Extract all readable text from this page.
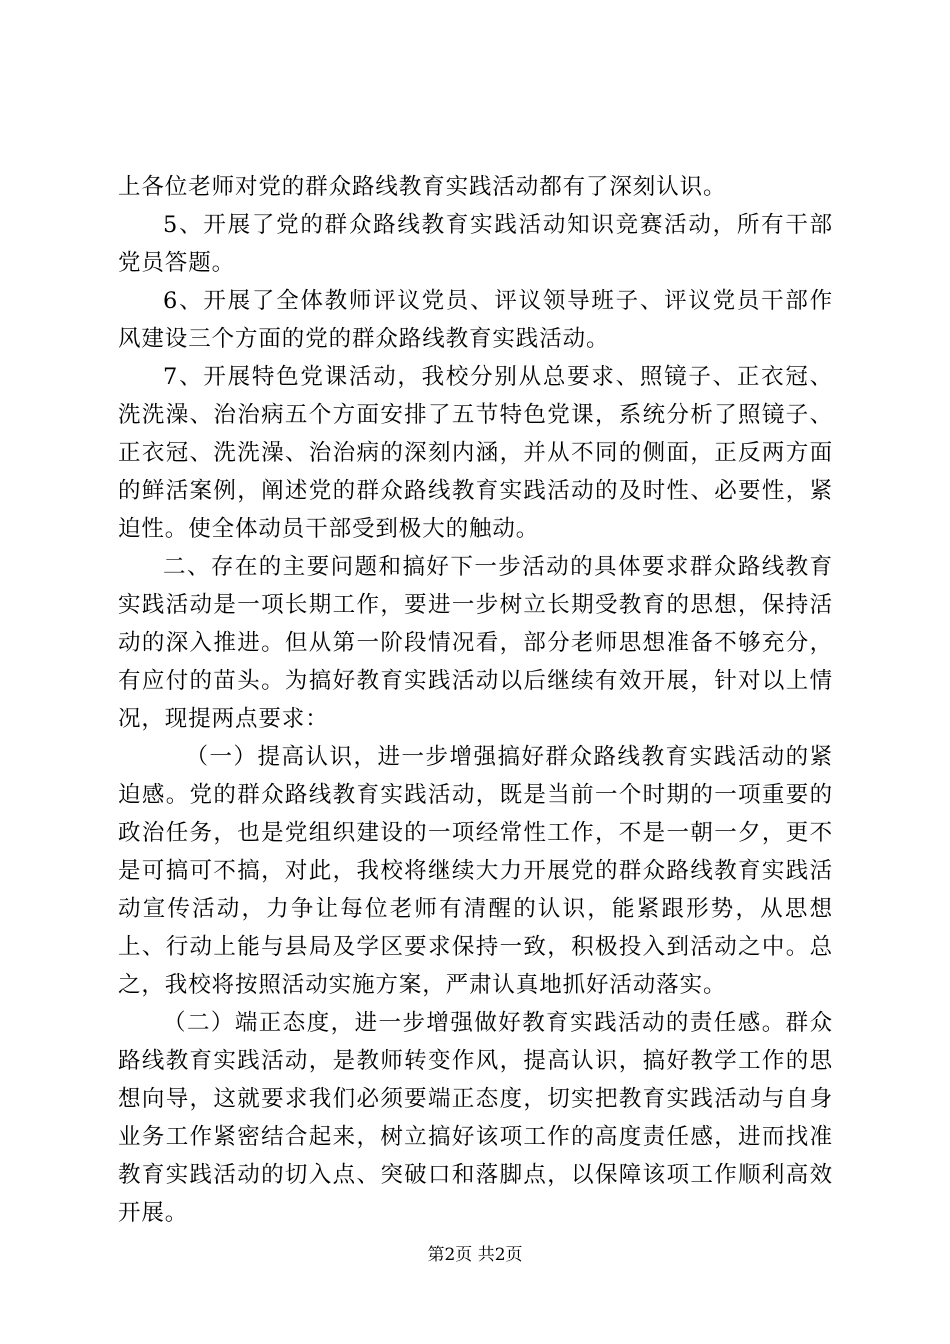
上各位老师对党的群众路线教育实践活动都有了深刻认识。

5、开展了党的群众路线教育实践活动知识竞赛活动，所有干部党员答题。

6、开展了全体教师评议党员、评议领导班子、评议党员干部作风建设三个方面的党的群众路线教育实践活动。

7、开展特色党课活动，我校分别从总要求、照镜子、正衣冠、洗洗澡、治治病五个方面安排了五节特色党课，系统分析了照镜子、正衣冠、洗洗澡、治治病的深刻内涵，并从不同的侧面，正反两方面的鲜活案例，阐述党的群众路线教育实践活动的及时性、必要性，紧迫性。使全体动员干部受到极大的触动。

二、存在的主要问题和搞好下一步活动的具体要求群众路线教育实践活动是一项长期工作，要进一步树立长期受教育的思想，保持活动的深入推进。但从第一阶段情况看，部分老师思想准备不够充分，有应付的苗头。为搞好教育实践活动以后继续有效开展，针对以上情况，现提两点要求：

（一）提高认识，进一步增强搞好群众路线教育实践活动的紧迫感。党的群众路线教育实践活动，既是当前一个时期的一项重要的政治任务，也是党组织建设的一项经常性工作，不是一朝一夕，更不是可搞可不搞，对此，我校将继续大力开展党的群众路线教育实践活动宣传活动，力争让每位老师有清醒的认识，能紧跟形势，从思想上、行动上能与县局及学区要求保持一致，积极投入到活动之中。总之，我校将按照活动实施方案，严肃认真地抓好活动落实。

（二）端正态度，进一步增强做好教育实践活动的责任感。群众路线教育实践活动，是教师转变作风，提高认识，搞好教学工作的思想向导，这就要求我们必须要端正态度，切实把教育实践活动与自身业务工作紧密结合起来，树立搞好该项工作的高度责任感，进而找准教育实践活动的切入点、突破口和落脚点，以保障该项工作顺利高效开展。

第2页 共2页
